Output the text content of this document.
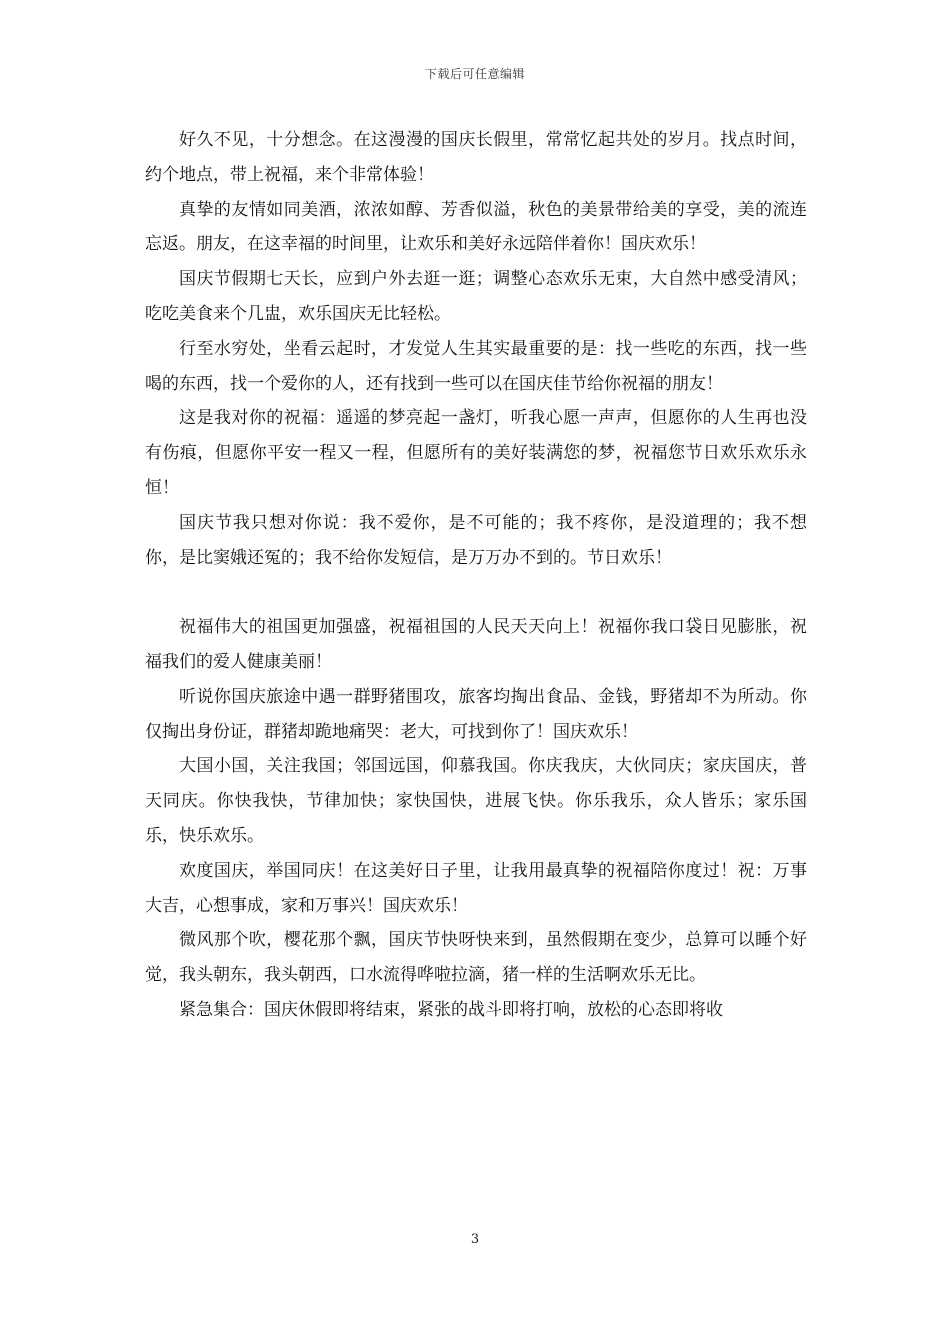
下载后可任意编辑

好久不见，十分想念。在这漫漫的国庆长假里，常常忆起共处的岁月。找点时间，约个地点，带上祝福，来个非常体验！

真挚的友情如同美酒，浓浓如醇、芳香似溢，秋色的美景带给美的享受，美的流连忘返。朋友，在这幸福的时间里，让欢乐和美好永远陪伴着你！国庆欢乐！

国庆节假期七天长，应到户外去逛一逛；调整心态欢乐无束，大自然中感受清风；吃吃美食来个几盅，欢乐国庆无比轻松。

行至水穷处，坐看云起时，才发觉人生其实最重要的是：找一些吃的东西，找一些喝的东西，找一个爱你的人，还有找到一些可以在国庆佳节给你祝福的朋友！

这是我对你的祝福：遥遥的梦亮起一盏灯，听我心愿一声声，但愿你的人生再也没有伤痕，但愿你平安一程又一程，但愿所有的美好装满您的梦，祝福您节日欢乐欢乐永恒！

国庆节我只想对你说：我不爱你，是不可能的；我不疼你，是没道理的；我不想你，是比窦娥还冤的；我不给你发短信，是万万办不到的。节日欢乐！

祝福伟大的祖国更加强盛，祝福祖国的人民天天向上！祝福你我口袋日见膨胀，祝福我们的爱人健康美丽！

听说你国庆旅途中遇一群野猪围攻，旅客均掏出食品、金钱，野猪却不为所动。你仅掏出身份证，群猪却跪地痛哭：老大，可找到你了！国庆欢乐！

大国小国，关注我国；邻国远国，仰慕我国。你庆我庆，大伙同庆；家庆国庆，普天同庆。你快我快，节律加快；家快国快，进展飞快。你乐我乐，众人皆乐；家乐国乐，快乐欢乐。

欢度国庆，举国同庆！在这美好日子里，让我用最真挚的祝福陪你度过！祝：万事大吉，心想事成，家和万事兴！国庆欢乐！

微风那个吹，樱花那个飘，国庆节快呀快来到，虽然假期在变少，总算可以睡个好觉，我头朝东，我头朝西，口水流得哗啦拉滴，猪一样的生活啊欢乐无比。

紧急集合：国庆休假即将结束，紧张的战斗即将打响，放松的心态即将收

3
